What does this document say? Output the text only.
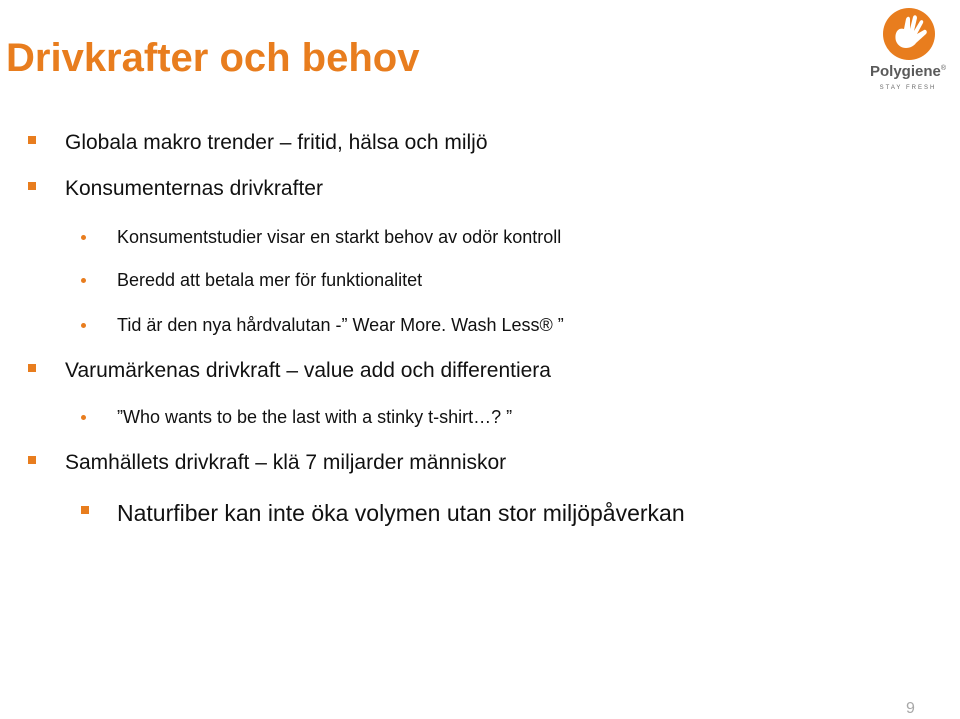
Drivkrafter och behov	Polygiene®
STAY FRESH
Globala makro trender – fritid, hälsa och miljö
Konsumenternas drivkrafter
Konsumentstudier visar en starkt behov av odör kontroll
Beredd att betala mer för funktionalitet
Tid är den nya hårdvalutan -” Wear More. Wash Less® ”
Varumärkenas drivkraft – value add och differentiera
”Who wants to be the last with a stinky t-shirt…? ”
Samhällets drivkraft – klä 7 miljarder människor
Naturfiber kan inte öka volymen utan stor miljöpåverkan
9
